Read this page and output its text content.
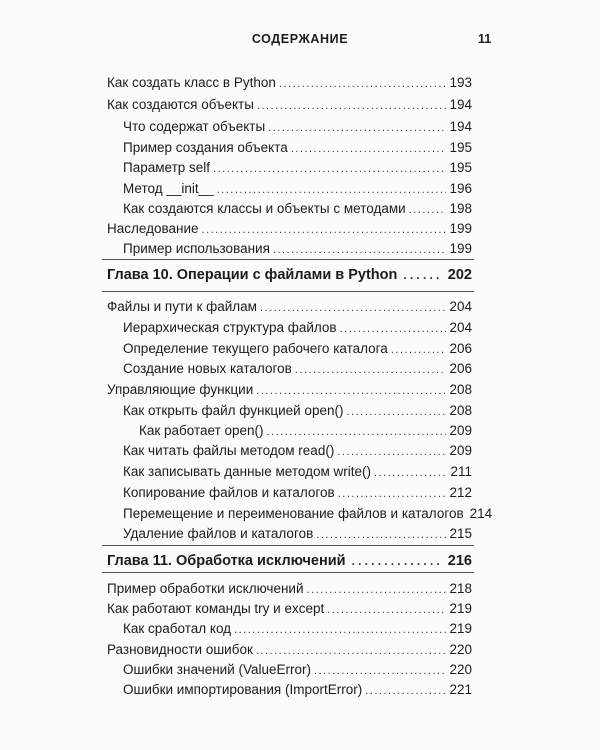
СОДЕРЖАНИЕ	11
Как создать класс в Python .....	193
Как создаются объекты .....	194
Что содержат объекты .....	194
Пример создания объекта .....	195
Параметр self .....	195
Метод __init__ .....	196
Как создаются классы и объекты с методами .....	198
Наследование .....	199
Пример использования .....	199
Глава 10. Операции с файлами в Python .....	202
Файлы и пути к файлам .....	204
Иерархическая структура файлов .....	204
Определение текущего рабочего каталога .....	206
Создание новых каталогов .....	206
Управляющие функции .....	208
Как открыть файл функцией open() .....	208
Как работает open() .....	209
Как читать файлы методом read() .....	209
Как записывать данные методом write() .....	211
Копирование файлов и каталогов .....	212
Перемещение и переименование файлов и каталогов 214
Удаление файлов и каталогов .....	215
Глава 11. Обработка исключений .....	216
Пример обработки исключений .....	218
Как работают команды try и except .....	219
Как сработал код .....	219
Разновидности ошибок .....	220
Ошибки значений (ValueError) .....	220
Ошибки импортирования (ImportError) .....	221
